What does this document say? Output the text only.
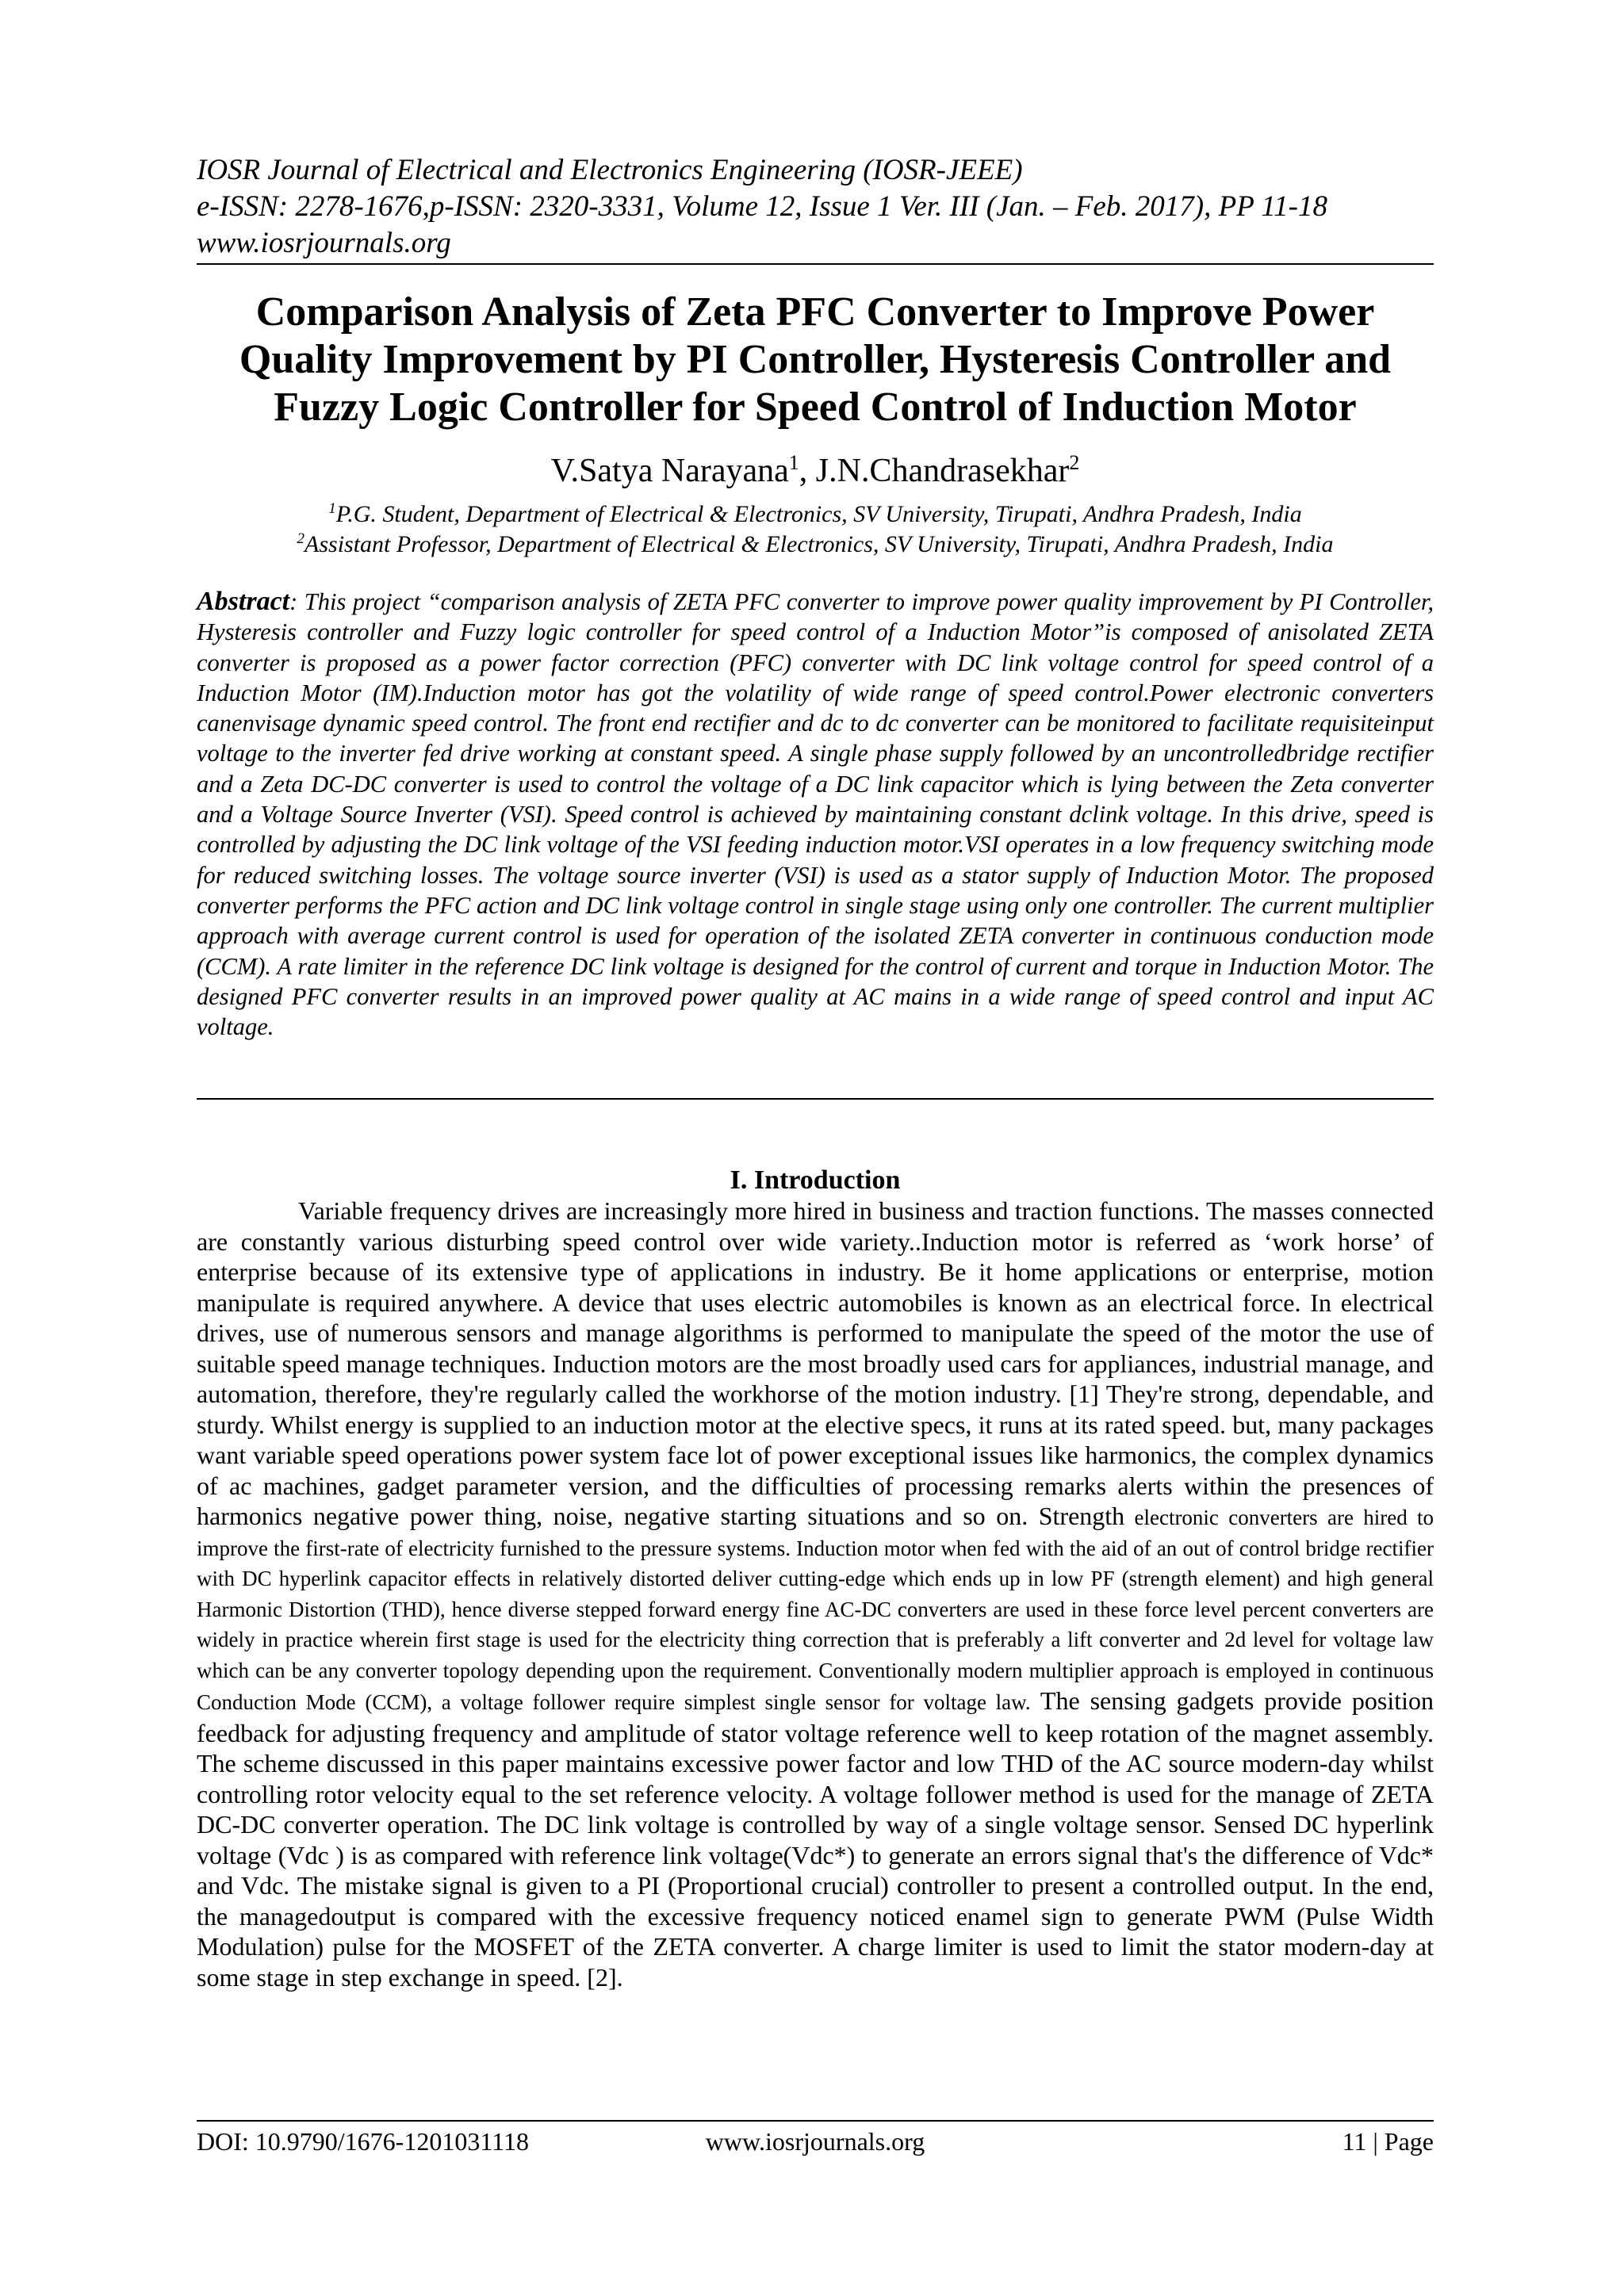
IOSR Journal of Electrical and Electronics Engineering (IOSR-JEEE)
e-ISSN: 2278-1676,p-ISSN: 2320-3331, Volume 12, Issue 1 Ver. III (Jan. – Feb. 2017), PP 11-18
www.iosrjournals.org
Comparison Analysis of Zeta PFC Converter to Improve Power
Quality Improvement by PI Controller, Hysteresis Controller and
Fuzzy Logic Controller for Speed Control of Induction Motor
V.Satya Narayana$^1$, J.N.Chandrasekhar$^2$
$^1$P.G. Student, Department of Electrical & Electronics, SV University, Tirupati, Andhra Pradesh, India
$^2$Assistant Professor, Department of Electrical & Electronics, SV University, Tirupati, Andhra Pradesh, India
Abstract: This project “comparison analysis of ZETA PFC converter to improve power quality improvement by PI Controller, Hysteresis controller and Fuzzy logic controller for speed control of a Induction Motor”is composed of anisolated ZETA converter is proposed as a power factor correction (PFC) converter with DC link voltage control for speed control of a Induction Motor (IM).Induction motor has got the volatility of wide range of speed control.Power electronic converters canenvisage dynamic speed control. The front end rectifier and dc to dc converter can be monitored to facilitate requisiteinput voltage to the inverter fed drive working at constant speed. A single phase supply followed by an uncontrolledbridge rectifier and a Zeta DC-DC converter is used to control the voltage of a DC link capacitor which is lying between the Zeta converter and a Voltage Source Inverter (VSI). Speed control is achieved by maintaining constant dclink voltage. In this drive, speed is controlled by adjusting the DC link voltage of the VSI feeding induction motor.VSI operates in a low frequency switching mode for reduced switching losses. The voltage source inverter (VSI) is used as a stator supply of Induction Motor. The proposed converter performs the PFC action and DC link voltage control in single stage using only one controller. The current multiplier approach with average current control is used for operation of the isolated ZETA converter in continuous conduction mode (CCM). A rate limiter in the reference DC link voltage is designed for the control of current and torque in Induction Motor. The designed PFC converter results in an improved power quality at AC mains in a wide range of speed control and input AC voltage.
I. Introduction

Variable frequency drives are increasingly more hired in business and traction functions. The masses connected are constantly various disturbing speed control over wide variety..Induction motor is referred as ‘work horse’ of enterprise because of its extensive type of applications in industry. Be it home applications or enterprise, motion manipulate is required anywhere. A device that uses electric automobiles is known as an electrical force. In electrical drives, use of numerous sensors and manage algorithms is performed to manipulate the speed of the motor the use of suitable speed manage techniques. Induction motors are the most broadly used cars for appliances, industrial manage, and automation, therefore, they're regularly called the workhorse of the motion industry. [1] They're strong, dependable, and sturdy. Whilst energy is supplied to an induction motor at the elective specs, it runs at its rated speed. but, many packages want variable speed operations power system face lot of power exceptional issues like harmonics, the complex dynamics of ac machines, gadget parameter version, and the difficulties of processing remarks alerts within the presences of harmonics negative power thing, noise, negative starting situations and so on. Strength electronic converters are hired to improve the first-rate of electricity furnished to the pressure systems. Induction motor when fed with the aid of an out of control bridge rectifier with DC hyperlink capacitor effects in relatively distorted deliver cutting-edge which ends up in low PF (strength element) and high general Harmonic Distortion (THD), hence diverse stepped forward energy fine AC-DC converters are used in these force level percent converters are widely in practice wherein first stage is used for the electricity thing correction that is preferably a lift converter and 2d level for voltage law which can be any converter topology depending upon the requirement. Conventionally modern multiplier approach is employed in continuous Conduction Mode (CCM), a voltage follower require simplest single sensor for voltage law. The sensing gadgets provide position feedback for adjusting frequency and amplitude of stator voltage reference well to keep rotation of the magnet assembly. The scheme discussed in this paper maintains excessive power factor and low THD of the AC source modern-day whilst controlling rotor velocity equal to the set reference velocity. A voltage follower method is used for the manage of ZETA DC-DC converter operation. The DC link voltage is controlled by way of a single voltage sensor. Sensed DC hyperlink voltage (Vdc ) is as compared with reference link voltage(Vdc*) to generate an errors signal that's the difference of Vdc* and Vdc. The mistake signal is given to a PI (Proportional crucial) controller to present a controlled output. In the end, the managedoutput is compared with the excessive frequency noticed enamel sign to generate PWM (Pulse Width Modulation) pulse for the MOSFET of the ZETA converter. A charge limiter is used to limit the stator modern-day at some stage in step exchange in speed. [2].

DOI: 10.9790/1676-1201031118	www.iosrjournals.org	11 | Page
